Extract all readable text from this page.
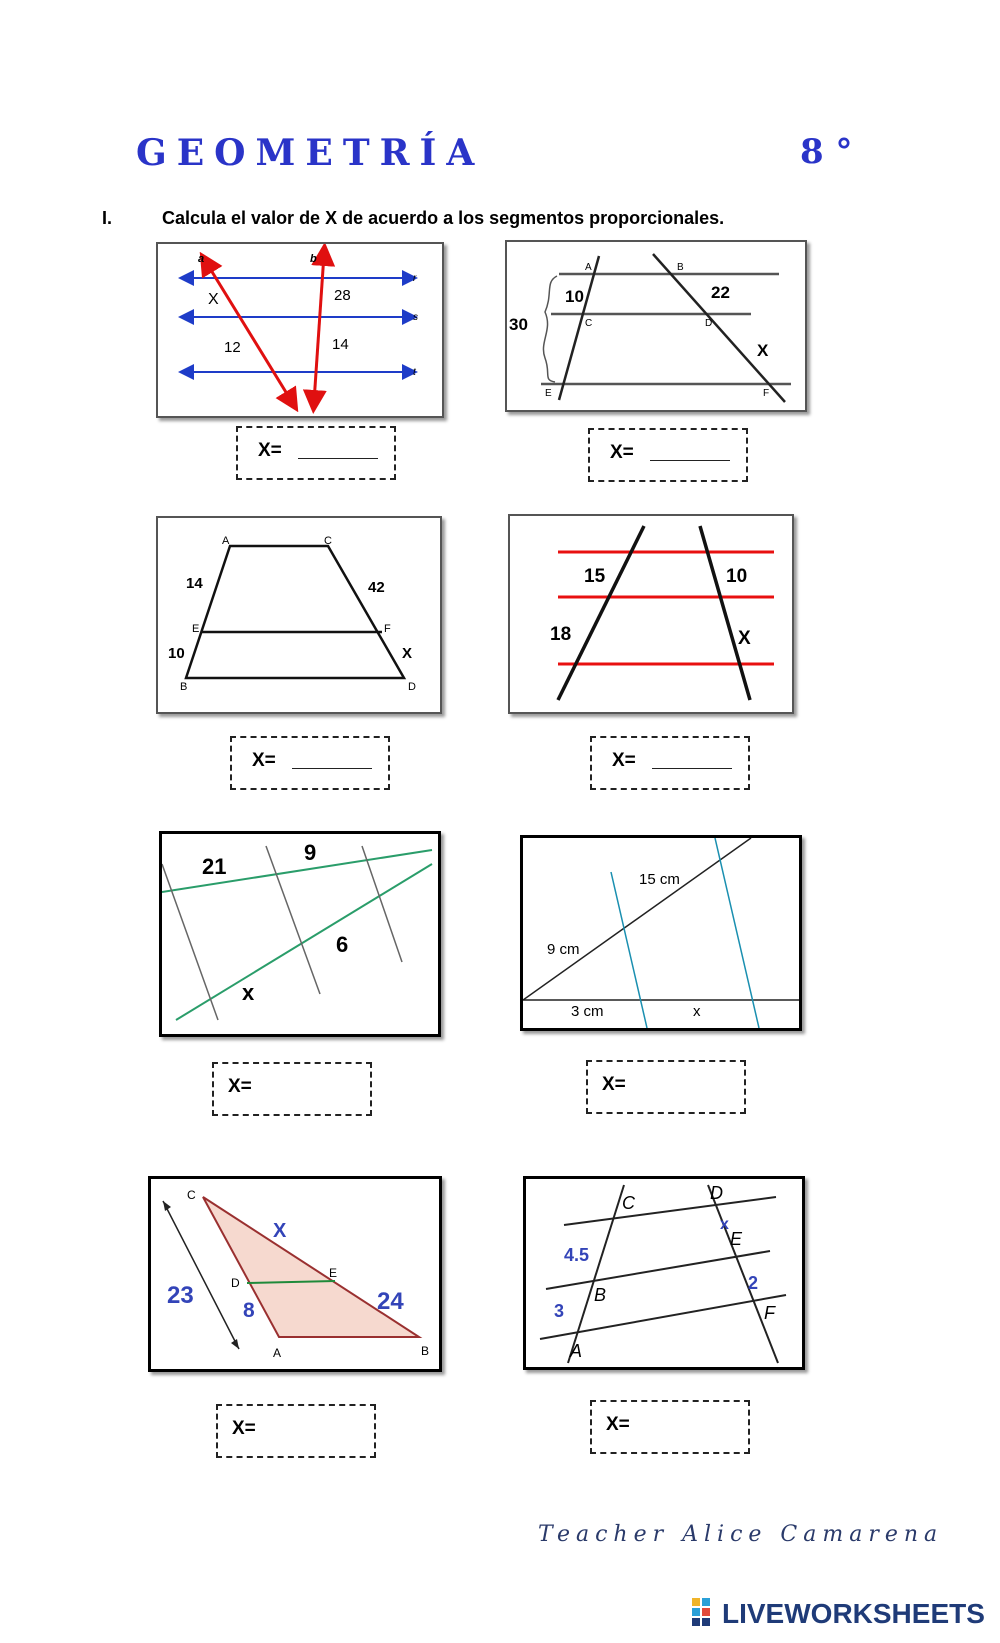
GEOMETRÍA	8 °
I.	Calcula el valor de X de acuerdo a los segmentos proporcionales.
a	b
r
s
t
X	28
12	14
A	B
C	D
E	F
10	22
30
X
A	C
E	F
B	D
14	42
10	X
15	10
18	X
21
9
6
x
15 cm
9 cm
3 cm	x
C
D
E
A	B
X
23
8	24
C	D
E
B
F
A
x
4.5
3
2
X=	X=
X=	X=
X=	X=
X=	X=
Teacher Alice Camarena
LIVEWORKSHEETS
